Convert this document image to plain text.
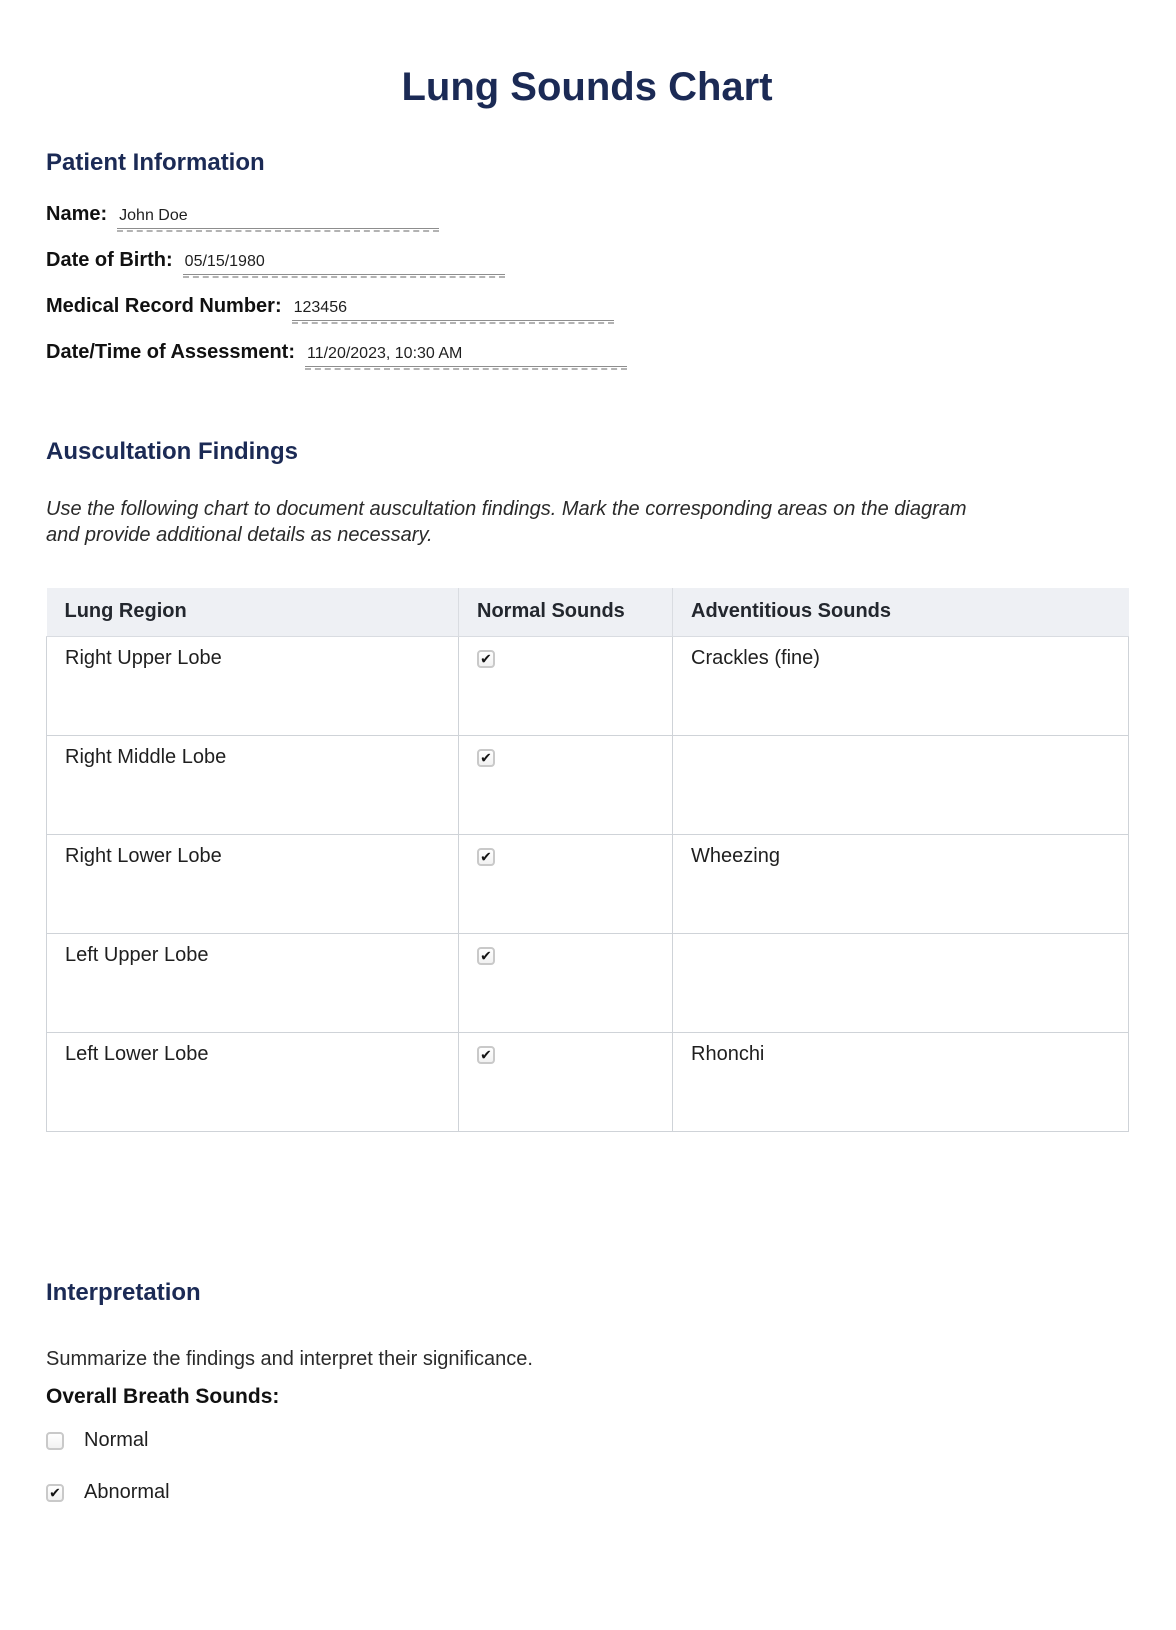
Lung Sounds Chart
Patient Information
Name: John Doe
Date of Birth: 05/15/1980
Medical Record Number: 123456
Date/Time of Assessment: 11/20/2023, 10:30 AM
Auscultation Findings

Use the following chart to document auscultation findings. Mark the corresponding areas on the diagram and provide additional details as necessary.

Lung Region	Normal Sounds	Adventitious Sounds
Right Upper Lobe	✔	Crackles (fine)
Right Middle Lobe	✔	

Right Lower Lobe	✔	Wheezing
Left Upper Lobe	✔	

Left Lower Lobe	✔	Rhonchi
Interpretation

Summarize the findings and interpret their significance.

Overall Breath Sounds:

Normal
✔ Abnormal
